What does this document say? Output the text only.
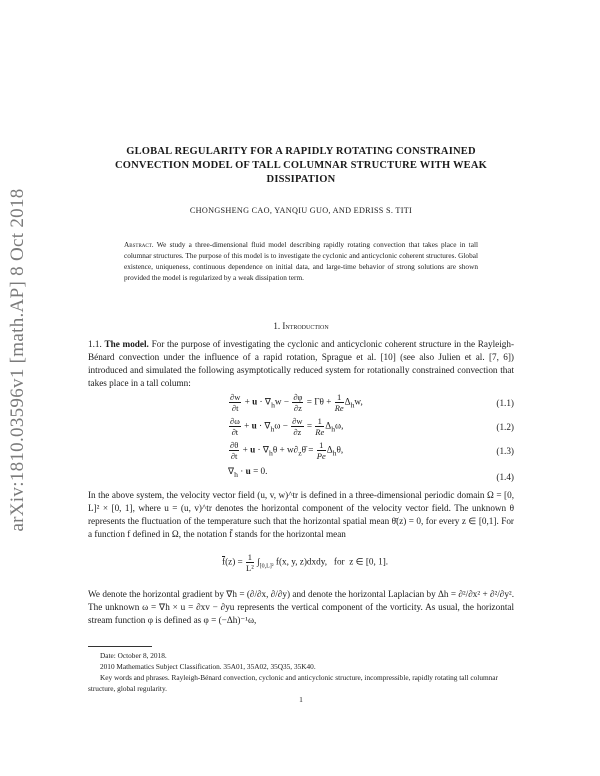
arXiv:1810.03596v1 [math.AP] 8 Oct 2018
GLOBAL REGULARITY FOR A RAPIDLY ROTATING CONSTRAINED CONVECTION MODEL OF TALL COLUMNAR STRUCTURE WITH WEAK DISSIPATION
CHONGSHENG CAO, YANQIU GUO, AND EDRISS S. TITI
Abstract. We study a three-dimensional fluid model describing rapidly rotating convection that takes place in tall columnar structures. The purpose of this model is to investigate the cyclonic and anticyclonic coherent structures. Global existence, uniqueness, continuous dependence on initial data, and large-time behavior of strong solutions are shown provided the model is regularized by a weak dissipation term.
1. Introduction
1.1. The model. For the purpose of investigating the cyclonic and anticyclonic coherent structure in the Rayleigh-Bénard convection under the influence of a rapid rotation, Sprague et al. [10] (see also Julien et al. [7, 6]) introduced and simulated the following asymptotically reduced system for rotationally constrained convection that takes place in a tall column:
$\frac{\partial w}{\partial t} + u \cdot \nabla_hw - \frac{\partial\varphi}{\partial z} = \Gamma\theta + \frac{1}{Re} \Delta_hw$,	(1.1)
$\frac{\partial\omega}{\partial t} + u \cdot \nabla_h\omega - \frac{\partial w}{\partial z} = \frac{1}{Re} \Delta_h\omega$,	(1.2)
$\frac{\partial\theta}{\partial t} + u \cdot \nabla_h\theta$ + $w\partial_z\thetā = \frac{1}{Pe} \Delta_h\theta$,	(1.3)
$\nabla_h \cdot u = 0$.
(1.4)
In the above system, the velocity vector field (u, v, w)^tr is defined in a three-dimensional periodic domain Ω = [0, L]² × [0, 1], where u = (u, v)^tr denotes the horizontal component of the velocity vector field. The unknown θ represents the fluctuation of the temperature such that the horizontal spatial mean θ̄(z) = 0, for every z ∈ [0,1]. For a function f defined in Ω, the notation f̄ stands for the horizontal mean
$\overline{f}(z) = \frac{1}{\text{L²}} \int_{[0,L]^2}$ f(x, y, z)dxdy,   for  z ∈ [0, 1].
We denote the horizontal gradient by ∇h = (∂/∂x, ∂/∂y) and denote the horizontal Laplacian by Δh = ∂²/∂x² + ∂²/∂y². The unknown ω = ∇h × u = ∂xv − ∂yu represents the vertical component of the vorticity. As usual, the horizontal stream function φ is defined as φ = (−Δh)⁻¹ω,
Date: October 8, 2018.
2010 Mathematics Subject Classification. 35A01, 35A02, 35Q35, 35K40.
Key words and phrases. Rayleigh-Bénard convection, cyclonic and anticyclonic structure, incompressible, rapidly rotating tall columnar structure, global regularity.
1
